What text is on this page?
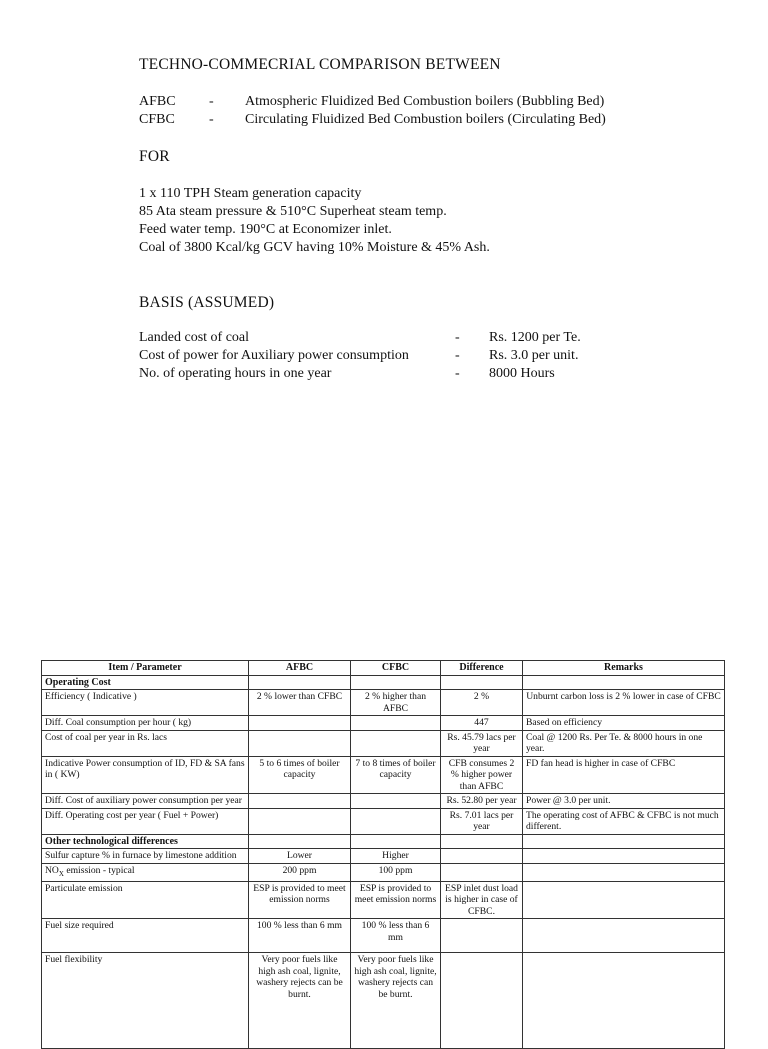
TECHNO-COMMECRIAL COMPARISON BETWEEN
AFBC - Atmospheric Fluidized Bed Combustion boilers (Bubbling Bed)
CFBC - Circulating Fluidized Bed Combustion boilers (Circulating Bed)
FOR
1 x 110 TPH Steam generation capacity
85 Ata steam pressure & 510°C Superheat steam temp.
Feed water temp. 190°C at Economizer inlet.
Coal of 3800 Kcal/kg GCV having 10% Moisture & 45% Ash.
BASIS (ASSUMED)
Landed cost of coal	- Rs. 1200 per Te.
Cost of power for Auxiliary power consumption	- Rs. 3.0 per unit.
No. of operating hours in one year	- 8000 Hours
Item / Parameter	AFBC	CFBC	Difference	Remarks
Operating Cost				
Efficiency ( Indicative )	2 % lower than CFBC	2 % higher than AFBC	2 %	Unburnt carbon loss is 2 % lower in case of CFBC
Diff. Coal consumption per hour ( kg)			447	Based on efficiency
Cost of coal per year in Rs. lacs			Rs. 45.79 lacs per year	Coal @ 1200 Rs. Per Te. & 8000 hours in one year.
Indicative Power consumption of ID, FD & SA fans in ( KW)	5 to 6 times of boiler capacity	7 to 8 times of boiler capacity	CFB consumes 2 % higher power than AFBC	FD fan head is higher in case of CFBC
Diff. Cost of auxiliary power consumption per year			Rs. 52.80 per year	Power @ 3.0 per unit.
Diff. Operating cost per year ( Fuel + Power)			Rs. 7.01 lacs per year	The operating cost of AFBC & CFBC is not much different.
Other technological differences				
Sulfur capture % in furnace by limestone addition	Lower	Higher		
$NO_X$ emission - typical	200 ppm	100 ppm		
Particulate emission	ESP is provided to meet emission norms	ESP is provided to meet emission norms	ESP inlet dust load is higher in case of CFBC.	
Fuel size required	100 % less than 6 mm	100 % less than 6 mm		
Fuel flexibility	Very poor fuels like high ash coal, lignite, washery rejects can be burnt.	Very poor fuels like high ash coal, lignite, washery rejects can be burnt.		
